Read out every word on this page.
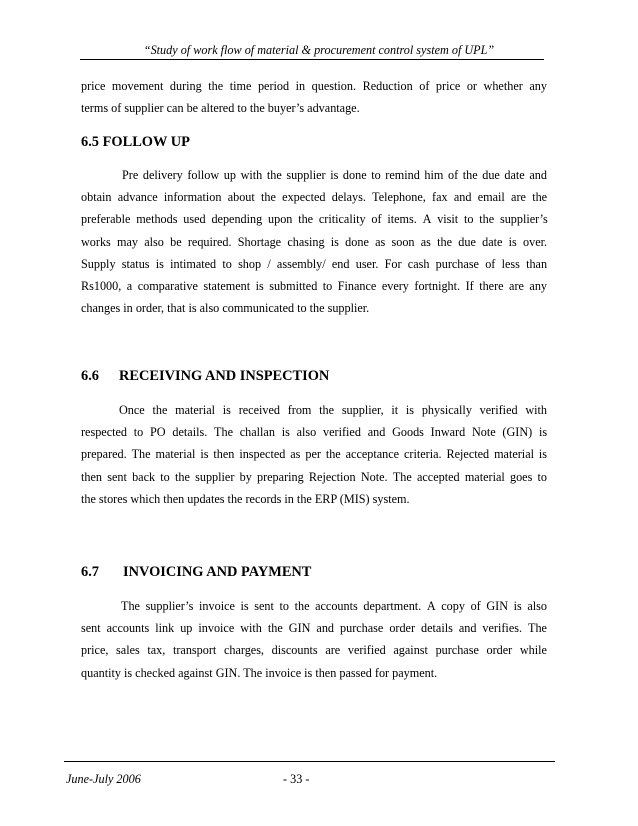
“Study of work flow of material & procurement control system of UPL”

price movement during the time period in question. Reduction of price or whether any
terms of supplier can be altered to the buyer’s advantage.

6.5 FOLLOW UP

Pre delivery follow up with the supplier is done to remind him of the due date and
obtain advance information about the expected delays. Telephone, fax and email are the
preferable methods used depending upon the criticality of items. A visit to the supplier’s
works may also be required. Shortage chasing is done as soon as the due date is over.
Supply status is intimated to shop / assembly/ end user. For cash purchase of less than
Rs1000, a comparative statement is submitted to Finance every fortnight. If there are any
changes in order, that is also communicated to the supplier.

6.6 RECEIVING AND INSPECTION

Once the material is received from the supplier, it is physically verified with
respected to PO details. The challan is also verified and Goods Inward Note (GIN) is
prepared. The material is then inspected as per the acceptance criteria. Rejected material is
then sent back to the supplier by preparing Rejection Note. The accepted material goes to
the stores which then updates the records in the ERP (MIS) system.

6.7 INVOICING AND PAYMENT

The supplier’s invoice is sent to the accounts department. A copy of GIN is also
sent accounts link up invoice with the GIN and purchase order details and verifies. The
price, sales tax, transport charges, discounts are verified against purchase order while
quantity is checked against GIN. The invoice is then passed for payment.

June-July 2006	- 33 -
